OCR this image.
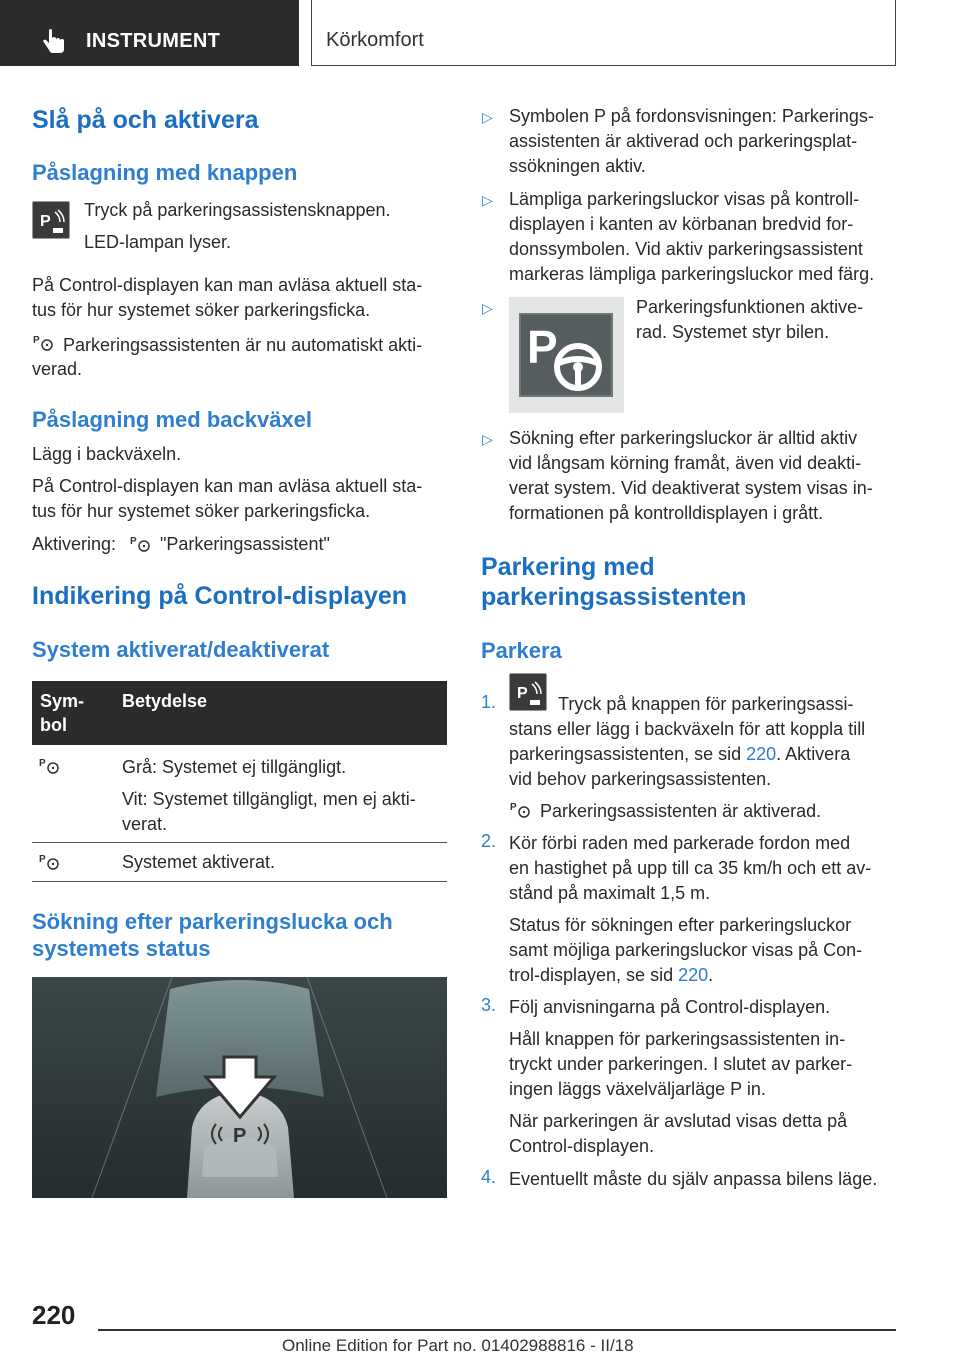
INSTRUMENT	Körkomfort
Slå på och aktivera
Påslagning med knappen
P
Tryck på parkeringsassistensknappen.
LED-lampan lyser.
På Control-displayen kan man avläsa aktuell sta-
tus för hur systemet söker parkeringsficka.
P Parkeringsassistenten är nu automatiskt akti-
verad.
Påslagning med backväxel
Lägg i backväxeln.
På Control-displayen kan man avläsa aktuell sta-
tus för hur systemet söker parkeringsficka.
Aktivering: P "Parkeringsassistent"
Indikering på Control-displayen
System aktiverat/deaktiverat
Sym-
bol
Betydelse
P	Grå: Systemet ej tillgängligt.
Vit: Systemet tillgängligt, men ej akti-
verat.
P	Systemet aktiverat.
Sökning efter parkeringslucka och
systemets status
P
▷ Symbolen P på fordonsvisningen: Parkerings-
assistenten är aktiverad och parkeringsplat-
ssökningen aktiv.
▷ Lämpliga parkeringsluckor visas på kontroll-
displayen i kanten av körbanan bredvid for-
donssymbolen. Vid aktiv parkeringsassistent
markeras lämpliga parkeringsluckor med färg.
▷
P
Parkeringsfunktionen aktive-
rad. Systemet styr bilen.
▷ Sökning efter parkeringsluckor är alltid aktiv
vid långsam körning framåt, även vid deakti-
verat system. Vid deaktiverat system visas in-
formationen på kontrolldisplayen i grått.
Parkering med
parkeringsassistenten
Parkera
1. P
Tryck på knappen för parkeringsassi-
stans eller lägg i backväxeln för att koppla till
parkeringsassistenten, se sid 220. Aktivera
vid behov parkeringsassistenten.
P Parkeringsassistenten är aktiverad.
2. Kör förbi raden med parkerade fordon med
en hastighet på upp till ca 35 km/h och ett av-
stånd på maximalt 1,5 m.
Status för sökningen efter parkeringsluckor
samt möjliga parkeringsluckor visas på Con-
trol-displayen, se sid 220.
3. Följ anvisningarna på Control-displayen.
Håll knappen för parkeringsassistenten in-
tryckt under parkeringen. I slutet av parker-
ingen läggs växelväljarläge P in.
När parkeringen är avslutad visas detta på
Control-displayen.
4. Eventuellt måste du själv anpassa bilens läge.
220
Online Edition for Part no. 01402988816 - II/18
